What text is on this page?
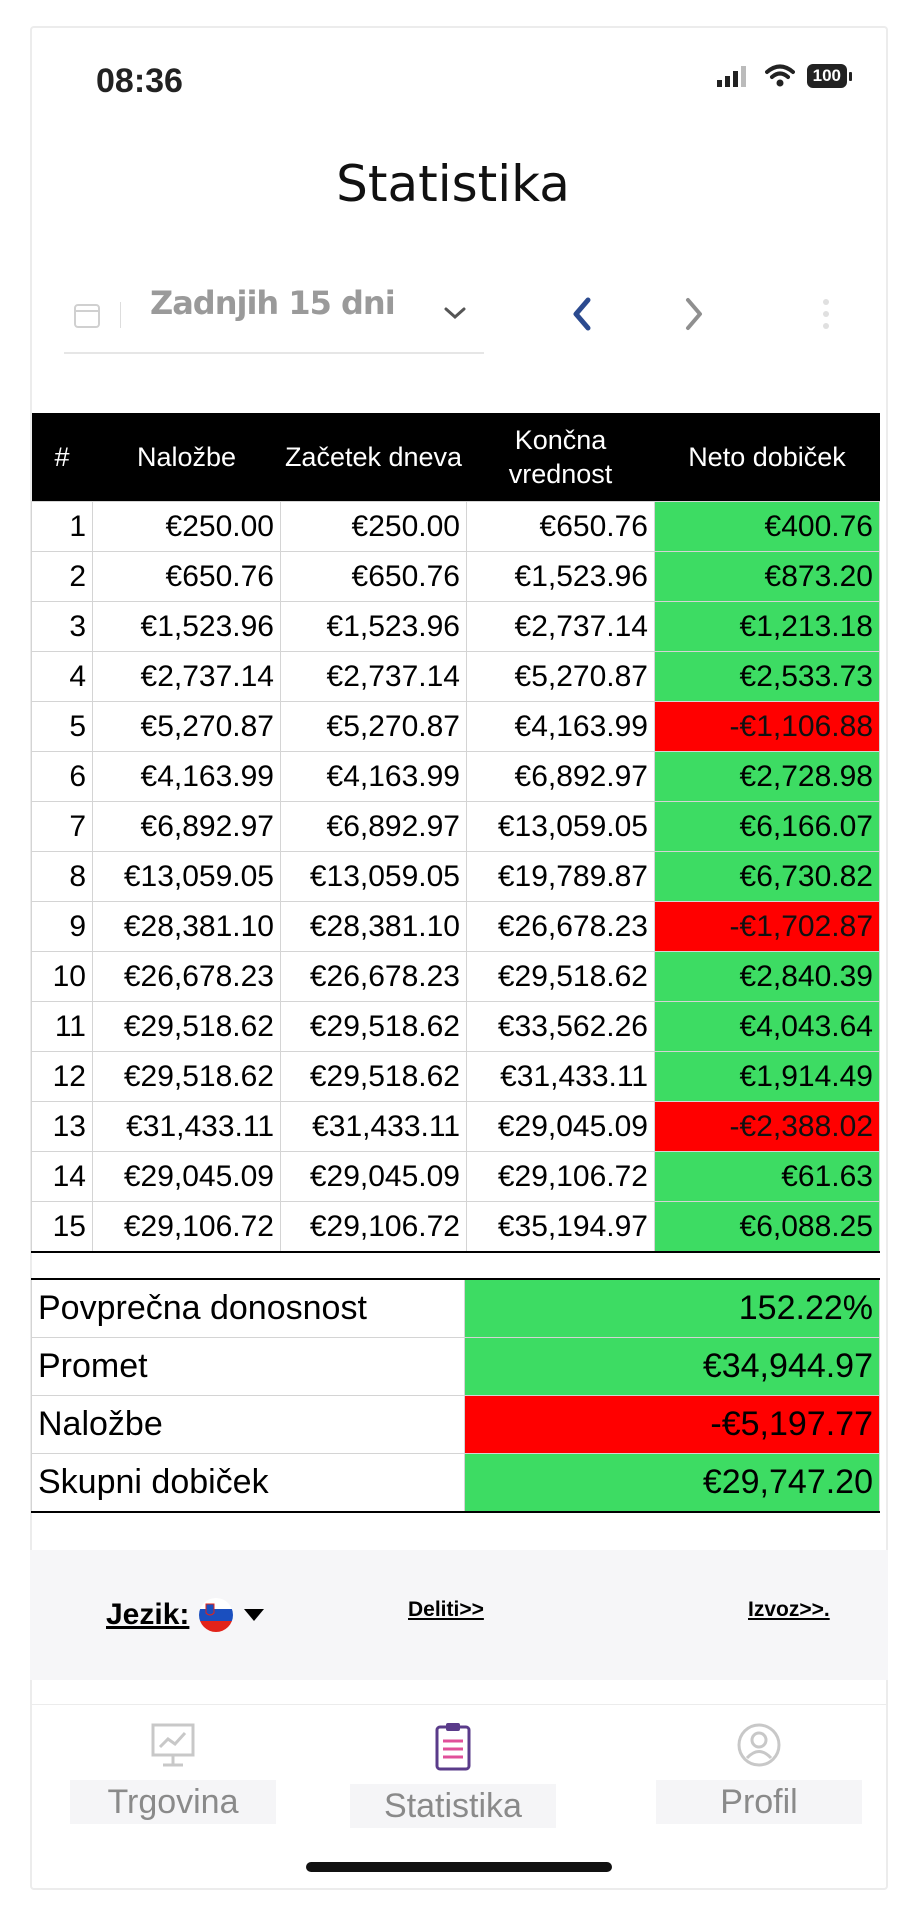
08:36	100
Statistika
Zadnjih 15 dni
#	Naložbe	Začetek dneva	Končna vrednost	Neto dobiček
1	€250.00	€250.00	€650.76	€400.76
2	€650.76	€650.76	€1,523.96	€873.20
3	€1,523.96	€1,523.96	€2,737.14	€1,213.18
4	€2,737.14	€2,737.14	€5,270.87	€2,533.73
5	€5,270.87	€5,270.87	€4,163.99	-€1,106.88
6	€4,163.99	€4,163.99	€6,892.97	€2,728.98
7	€6,892.97	€6,892.97	€13,059.05	€6,166.07
8	€13,059.05	€13,059.05	€19,789.87	€6,730.82
9	€28,381.10	€28,381.10	€26,678.23	-€1,702.87
10	€26,678.23	€26,678.23	€29,518.62	€2,840.39
11	€29,518.62	€29,518.62	€33,562.26	€4,043.64
12	€29,518.62	€29,518.62	€31,433.11	€1,914.49
13	€31,433.11	€31,433.11	€29,045.09	-€2,388.02
14	€29,045.09	€29,045.09	€29,106.72	€61.63
15	€29,106.72	€29,106.72	€35,194.97	€6,088.25
Povprečna donosnost	152.22%
Promet	€34,944.97
Naložbe	-€5,197.77
Skupni dobiček	€29,747.20
Jezik:	Deliti>>	Izvoz>>.
Trgovina	Statistika	Profil
